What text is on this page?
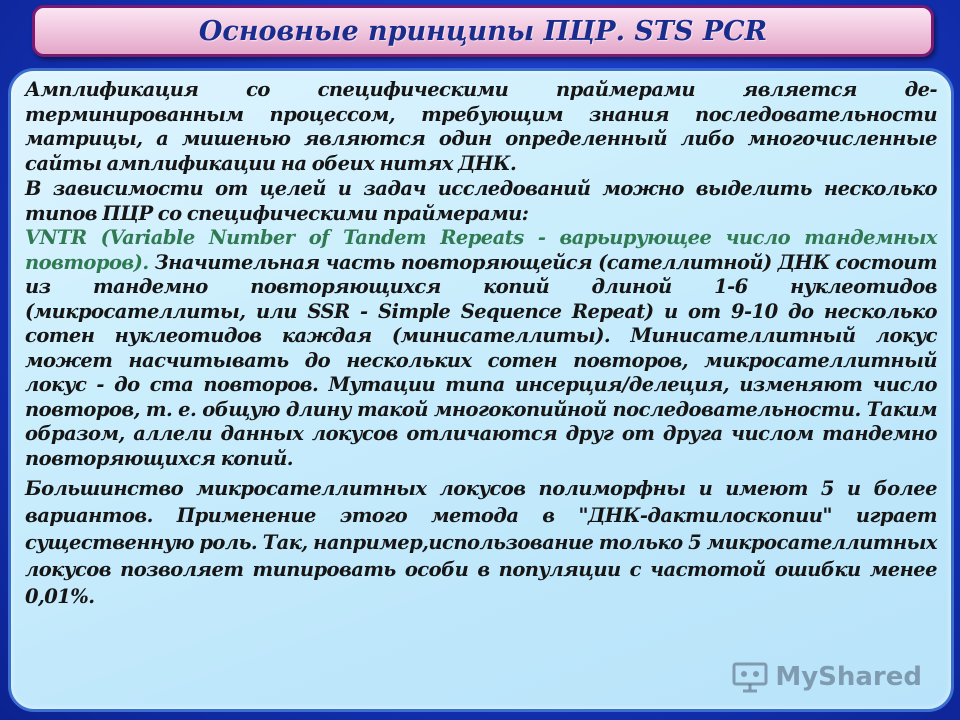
Основные принципы ПЦР. STS PCR

Амплификация со специфическими праймерами является де-терминированным процессом, требующим знания последовательности матрицы, а мишенью являются один определенный либо многочисленные сайты амплификации на обеих нитях ДНК.

В зависимости от целей и задач исследований можно выделить несколько типов ПЦР со специфическими праймерами:

VNTR (Variable Number of Tandem Repeats - варьирующее число тандемных повторов). Значительная часть повторяющейся (сателлитной) ДНК состоит из тандемно повторяющихся копий длиной 1-6 нуклеотидов (микросателлиты, или SSR - Simple Sequence Repeat) и от 9-10 до несколько сотен нуклеотидов каждая (минисателлиты). Минисателлитный локус может насчитывать до нескольких сотен повторов, микросателлитный локус - до ста повторов. Мутации типа инсерция/делеция, изменяют число повторов, т. е. общую длину такой многокопийной последовательности. Таким образом, аллели данных локусов отличаются друг от друга числом тандемно повторяющихся копий.

Большинство микросателлитных локусов полиморфны и имеют 5 и более вариантов. Применение этого метода в "ДНК-дактилоскопии" играет существенную роль. Так, например,использование только 5 микросателлитных локусов позволяет типировать особи в популяции с частотой ошибки менее 0,01%.

MyShared
